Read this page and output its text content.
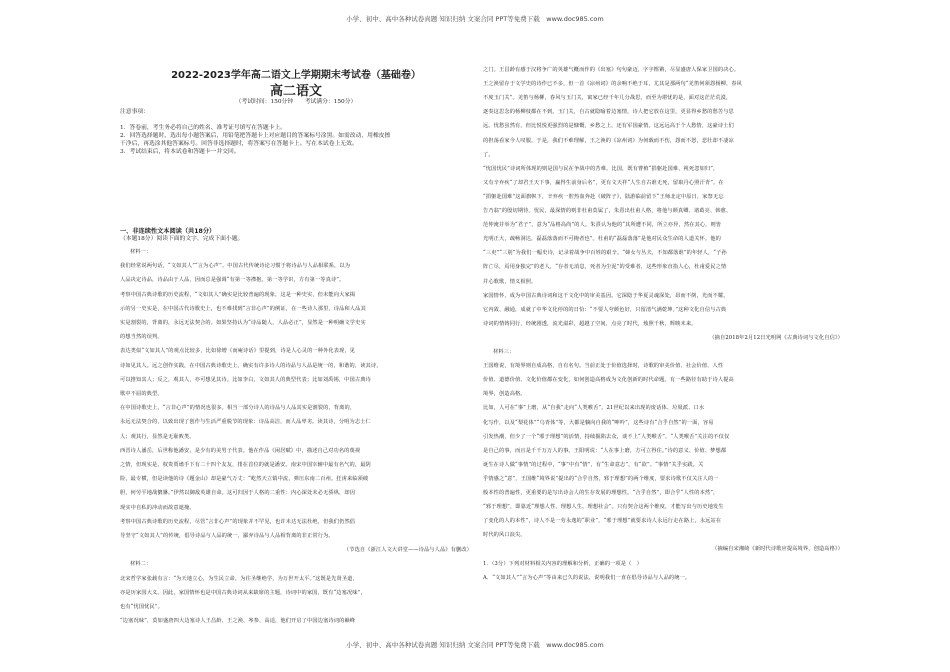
小学、初中、高中各种试卷真题 知识归纳 文案合同 PPT等免费下载　www.doc985.com
2022-2023学年高二语文上学期期末考试卷（基础卷）
高二语文
（考试时间：150分钟　　考试满分：150分）
注意事项：
1．答卷前，考生务必将自己的姓名、准考证号填写在答题卡上。
2．回答选择题时，选出每小题答案后，用铅笔把答题卡上对应题目的答案标号涂黑。如需改动，用橡皮擦
干净后，再选涂其他答案标号。回答非选择题时，将答案写在答题卡上。写在本试卷上无效。
3．考试结束后，将本试卷和答题卡一并交回。
一、非连续性文本阅读（共18分）
（本题18分）阅读下面的文字，完成下面小题。
材料一：
我们经常说两句话，“文如其人”“言为心声”。中国古代传统诗论习惯于将诗品与人品相联系，以为
人品决定诗品，诗品由于人品，因而总是强调“有第一等襟抱，第一等学识，方有第一等真诗”。
考察中国古典诗歌的历史流程，“文如其人”确实是比较普遍的现象，这是一种史实，但未能向大家揭
示的另一史实是，在中国古代诗歌史上，也不难找到“言非心声”的例证，在一些诗人那里，诗品和人品其
实是割裂的，背离的，永远无法契合的。如果坚持认为“诗品随人，人品必正”，显然是一种明确文学史实
的想当然的误判。
表达类似“文如其人”的观点比较多，比如徐增《而庵诗话》里提到，诗是人心灵的一种外化表现，见
诗如见其人。远之创作实践，在中国古典诗歌史上，确实有许多诗人的诗品与人品是统一的，和谐的，读其诗，
可以推知其人；反之，观其人，亦可想见其诗。比如李白，文如其人的典型代表；比如刘禹锡，中国古典诗
歌中不屈的典型。
在中国诗歌史上，“言非心声”的情况也很多。相当一部分诗人的诗品与人品其实是割裂的，背离的，
永远无法契合的，以致出现了创作与生活严重脱节的现象：诗品高洁，而人品卑劣。读其诗，分明为志士仁
人；观其行，显然是无耻败类。
西晋诗人潘岳，后世称他潘安，是少有的美男子代表。他在作品《闲居赋》中，描述自己对功名的蔑视
之情，但现实是，权贵贾谧手下有二十四个友友，排在首位的就是潘安。南宋中国宰辅中最有名气的，最阴
险，最专横，但是读他的诗《题金山》却是豪气万丈：“屹然天立镇中流，弹压东南二百州。狂虏来临须破
胆，何劳平地战貔貅。”伊然以御敌英雄自命。这可归因于人格的二重性：内心深处未必无骄纵，却因
现实中自私的冲动而故意遮掩。
考察中国古典诗歌的历史流程，尽管“言非心声”的现象并不罕见，也许未达无法杜绝，但我们仍然倡
导坚守“文如其人”的传统，倡导诗品与人品的统一，鄙弃诗品与人品相背离的非正常行为。
（节选自《浙江人文大讲堂——诗品与人品》有删改）
材料二：
北宋哲学家张载有言：“为天地立心，为生民立命，为往圣继绝学，为万世开太平。”这既是先贤圣道，
亦是历家国大义。因此，家国情怀也是中国古典诗词从来缺席的主题，诗词中的家国，既有“边塞况味”，
也有“忧国忧民”。
“边塞况味”，莫如盛唐四大边塞诗人王昌龄、王之涣、岑参、高适，他们开启了中国边塞诗词的巅峰
之门。王昌龄有感于汉将争广的英雄气概而作的《出塞》句句豪迈，字字铿锵，尽显盛唐人保家卫国的决心。
王之涣留存于文学史的诗作已不多，但一首《凉州词》的余响不绝于耳，尤其是那两句“羌笛何须怨杨柳，春风
不度玉门关”。羌笛与杨柳，春风与玉门关，寓家已经千年几分战思，而至为堪忧的是，面对这茫茫荒漠，
逐奏这思念的杨柳枝都在不到。玉门关，自古就隐喻着边塞情，诗人把它放在这里，更显得乡愁的愁苦与思
远。忧愁虽然有，但比悦悦更强烈的是慷慨，乡愁之上，还有军国豪情。这远远高于个人愁情，这豪诗士们
的担荡看家今人叹服。于是，我们不难理解，王之涣的《凉州词》为何载而不伤，怨而不怒，悲壮却不凄凉
了。
“忧国忧民”诗词所体现的则是国与民在争战中的苦难。比国，既有曹植“捐躯赴国难，视死忽如归”，
又有辛弃疾“了却君王天下事，赢得生前身后名”，更有文天祥“人生自古谁无死，留取丹心照汗青”。在
“捐躯赴国难”这面旗帜下，辛弃疾一腔热血奔赴《破阵子》，陆游临前留下“王师北定中原日，家祭无忘
告乃翁”的殷切期待。忧民，最深情的则非杜甫莫属了，朱熹出杜甫人格，将他与颜真卿、诸葛亮、韩愈、
范仲淹并举为“君子”，意为“品格高尚”的人。朱熹认为他的“其所遭不同，所立亦异，然在其心，则皆
光明正大，疏畅洞达，磊磊落落而不可掩者也”。杜甫的“磊磊落落”是他对民众生命的人道关怀。他的
“三吏”“三别”为我们一幅史诗，记录着战争中百姓的艰辛。“婶女与丛夫，不知都落谁”的年轻人，“子孙
阵亡尽，焉用身独完”的老人，“存者无消息，死者为尘泥”的受难者，这些形象直指人心，杜甫爱民之情
并心歌歌，情义相照。
家国情怀，成为中国古典诗词和这千文化中的审美基因。它深隐于华夏灵魂深处，昂而不倒，光而不耀。
它内敛、融通，成就了中华文化停的的日恰：“不要人夸颜色好，只留清气满乾坤。”这种文化自信与古典
诗词的情铸同行，经统剧透，流光溢彩，超越了空间，点亮了时代，烛照千秋，辉映未来。
（摘自2018年2月12日光明网《古典诗词与文化自信》）
材料三：
王国维说，有境界则自成高格，自有名句。当前正处于价值选择时，诗歌的审美价值、社会价值、人性
价值、道德价值、文化价值都在变化，如何创造高格成为文化创新的时代命题。有一些路径有助于诗人提高
境界，创造高格。
比如，人可在“事”上磨，从“自我”走向“人类喉舌”。21世纪以来出现的废话体、垃圾派、口水
化写作，以及“梨花体”“乌青体”等，大都是躺向自我的“呻吟”，这些诗有“合乎自然”的一面，容易
引发热潮，但少了一个“邪于理想”的活情，持续掘陷去众，谈不上“人类喉舌”。“人类喉舌”关注的不仅仅
是自己的事，而且是千千万万人的事。王阳明说：“人在事上磨，方可立得住。”诗的意义、价值、梦想都
诞生在诗人做“事情”的过程中，“事”中有“情”，有“生命意志”，有“欲”。“事情”关乎实践，关
乎情感之“意”，王国维“境界说”提出的“合乎自然，邪于理想”的两个维度，要求诗歌不仅关注人的一
般本性的普遍性，更重要的是写出诗会人的生存发展的理想性。“合乎自然”，即合乎“人性的本然”，
“邪于理想”，即靠近“理想人性、理想人生、理想社会”。只有契合这两个维度，才能写出与历史地发生
了变化的人的本性”，诗人不是一劳永逸的“职业”，“邪于理想”就要求诗人永远行走在路上，永远站在
时代的风口浪尖。
（摘编自宋湘绮《新时代诗歌应提高境界，创造高格》）
1．（3分）下列对材料相关内容的理解和分析，正确的一项是（　）
A．“文如其人”“言为心声”等由来已久的说法，说明我们一直在倡导诗品与人品的统一。
小学、初中、高中各种试卷真题 知识归纳 文案合同 PPT等免费下载　www.doc985.com
